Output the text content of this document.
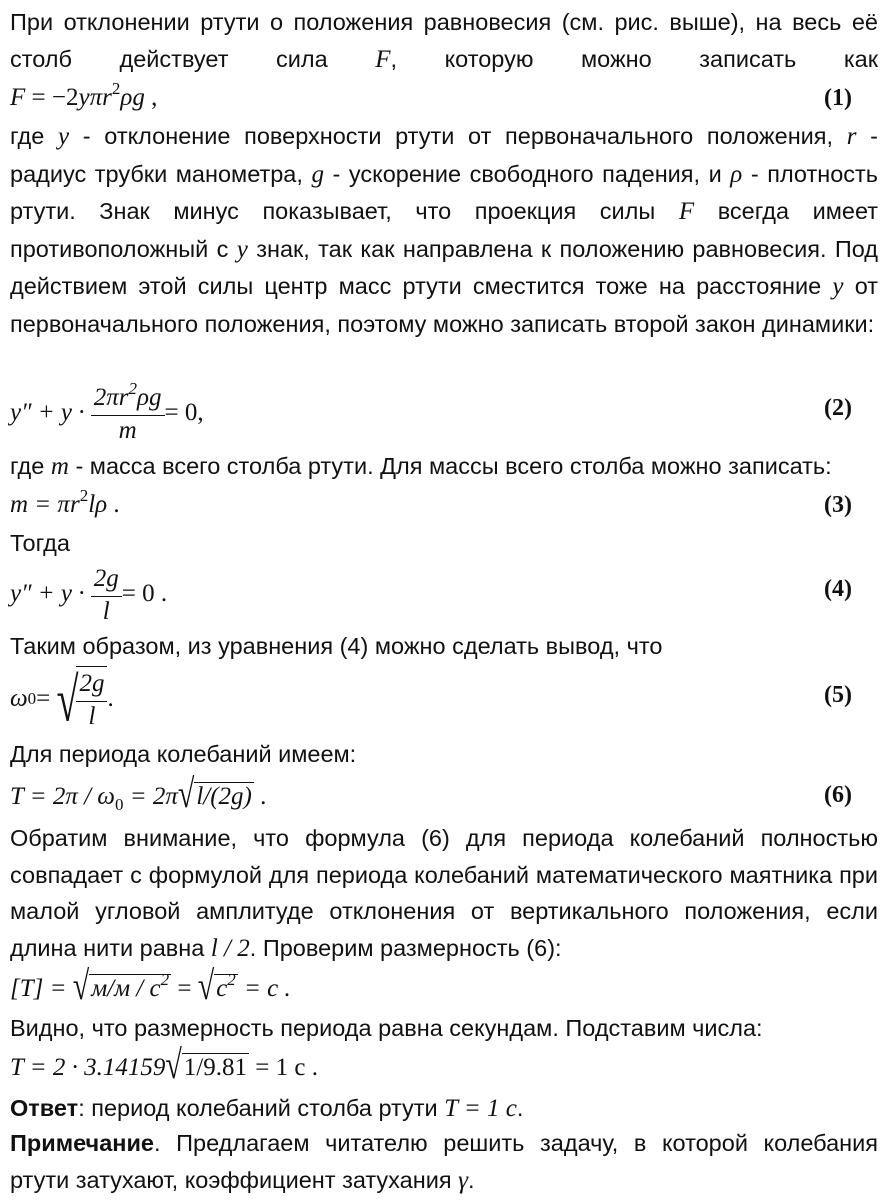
При отклонении ртути о положения равновесия (см. рис. выше), на весь её столб действует сила F, которую можно записать как

F = −2yπr$^2$ρg ,	(1)

где y - отклонение поверхности ртути от первоначального положения, r - радиус трубки манометра, g - ускорение свободного падения, и ρ - плотность ртути. Знак минус показывает, что проекция силы F всегда имеет противоположный с y знак, так как направлена к положению равновесия. Под действием этой силы центр масс ртути сместится тоже на расстояние y от первоначального положения, поэтому можно записать второй закон динамики:

y″ + y ·
$\frac{2\pi r^2\rho g}{m} = 0$,	(2)

где m - масса всего столба ртути. Для массы всего столба можно записать:

$m = \pi r^2l\rho$ .	(3)

Тогда

y″ + y ·
$\frac{2g}{l} = 0$ .	(4)

Таким образом, из уравнения (4) можно сделать вывод, что

ω 0 =
√
$\frac{2g}{l}$ .	(5)

Для периода колебаний имеем:

$T = 2\pi / \omega_0 = 2\pi√l/(2g)$ .	(6)

Обратим внимание, что формула (6) для периода колебаний полностью совпадает с формулой для периода колебаний математического маятника при малой угловой амплитуде отклонения от вертикального положения, если длина нити равна l / 2. Проверим размерность (6):

$[T] = √м/м / с^2 = √с^2 = с$ .

Видно, что размерность периода равна секундам. Подставим числа:

T = 2 · 3.14159√1/9.81 = 1 с .

Ответ: период колебаний столба ртути T = 1 с.

Примечание. Предлагаем читателю решить задачу, в которой колебания ртути затухают, коэффициент затухания γ.
